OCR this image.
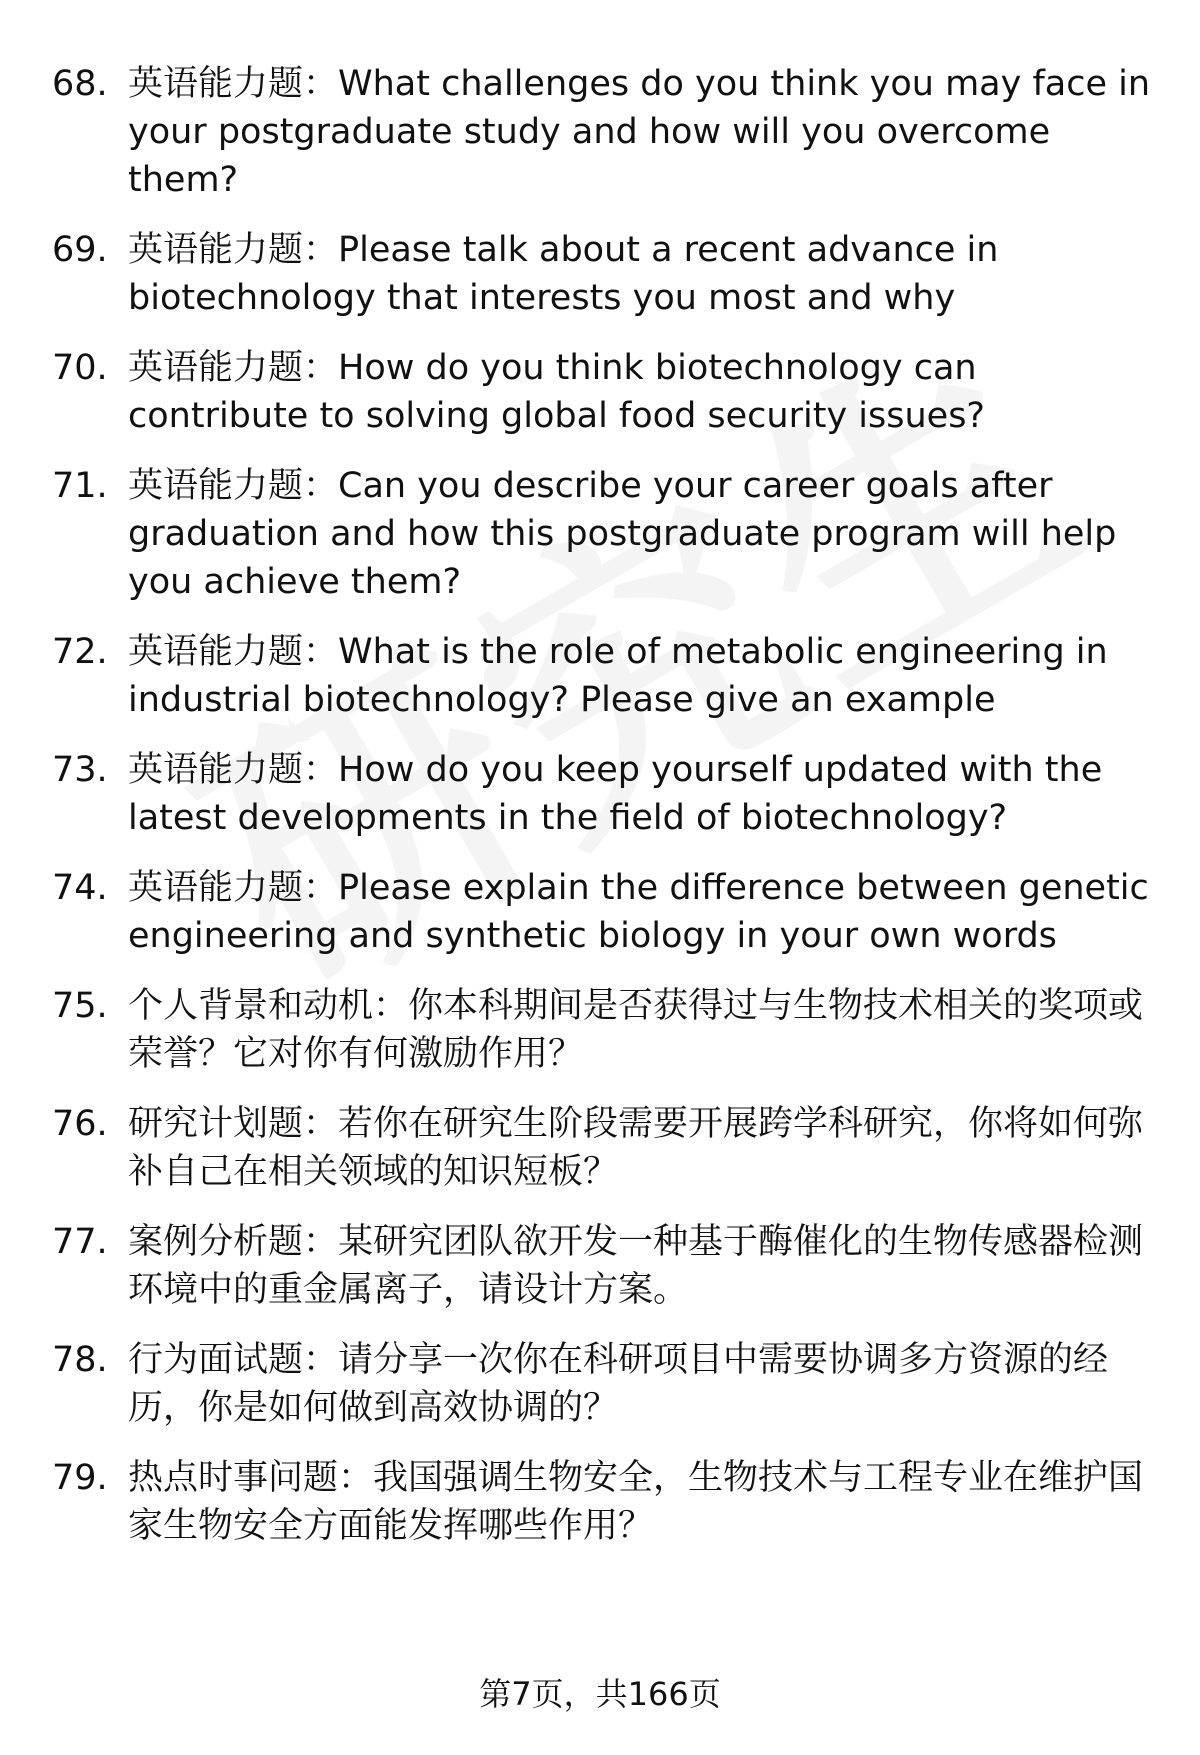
68. 英语能力题：What challenges do you think you may face in your postgraduate study and how will you overcome them?
69. 英语能力题：Please talk about a recent advance in biotechnology that interests you most and why
70. 英语能力题：How do you think biotechnology can contribute to solving global food security issues?
71. 英语能力题：Can you describe your career goals after graduation and how this postgraduate program will help you achieve them?
72. 英语能力题：What is the role of metabolic engineering in industrial biotechnology? Please give an example
73. 英语能力题：How do you keep yourself updated with the latest developments in the field of biotechnology?
74. 英语能力题：Please explain the difference between genetic engineering and synthetic biology in your own words
75. 个人背景和动机：你本科期间是否获得过与生物技术相关的奖项或荣誉？它对你有何激励作用？
76. 研究计划题：若你在研究生阶段需要开展跨学科研究，你将如何弥补自己在相关领域的知识短板？
77. 案例分析题：某研究团队欲开发一种基于酶催化的生物传感器检测环境中的重金属离子，请设计方案。
78. 行为面试题：请分享一次你在科研项目中需要协调多方资源的经历，你是如何做到高效协调的？
79. 热点时事问题：我国强调生物安全，生物技术与工程专业在维护国家生物安全方面能发挥哪些作用？
第7页，共166页
